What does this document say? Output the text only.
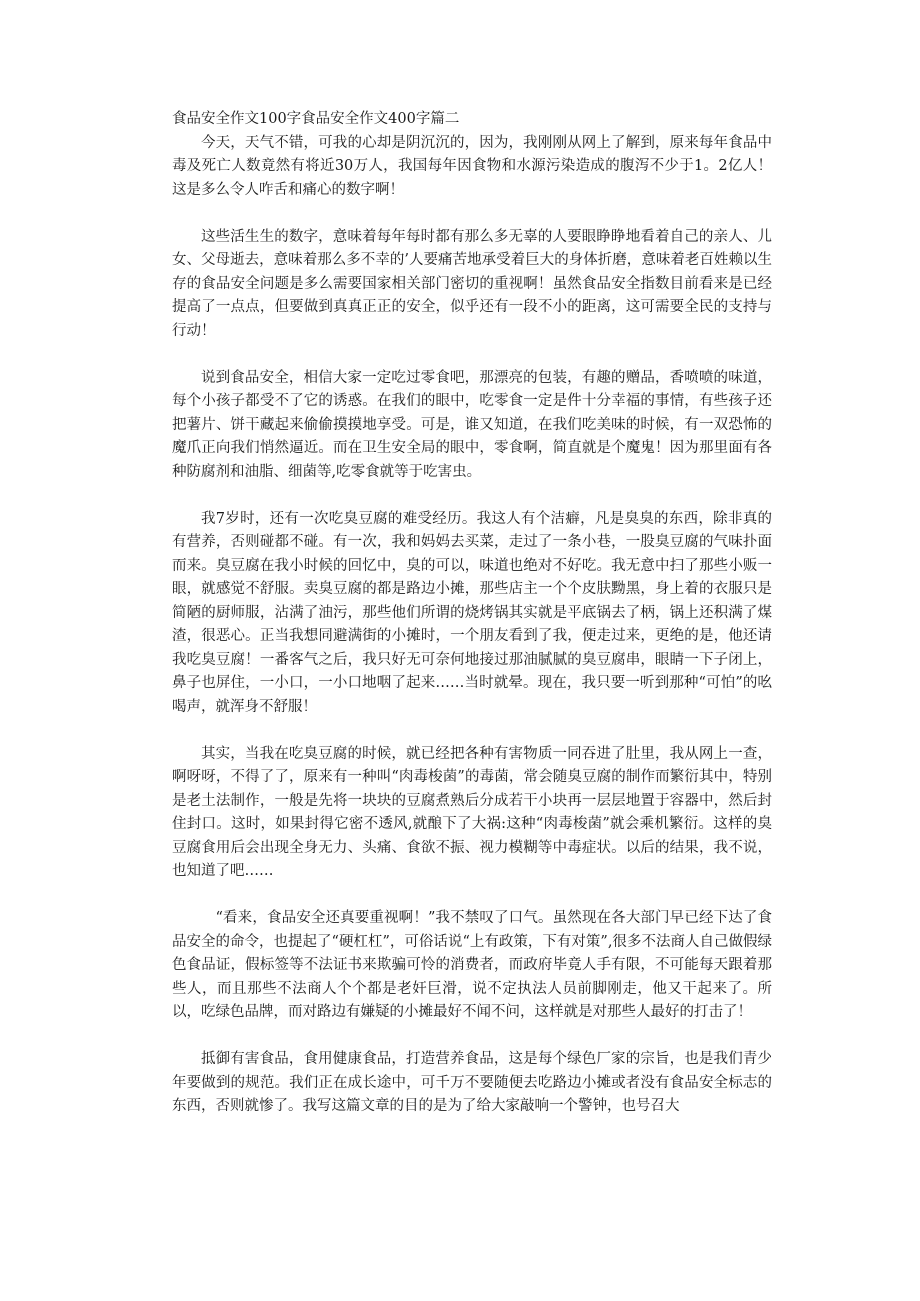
食品安全作文100字食品安全作文400字篇二

今天，天气不错，可我的心却是阴沉沉的，因为，我刚刚从网上了解到，原来每年食品中毒及死亡人数竟然有将近30万人，我国每年因食物和水源污染造成的腹泻不少于1。2亿人！这是多么令人咋舌和痛心的数字啊！

这些活生生的数字，意味着每年每时都有那么多无辜的人要眼睁睁地看着自己的亲人、儿女、父母逝去，意味着那么多不幸的’人要痛苦地承受着巨大的身体折磨，意味着老百姓赖以生存的食品安全问题是多么需要国家相关部门密切的重视啊！虽然食品安全指数目前看来是已经提高了一点点，但要做到真真正正的安全，似乎还有一段不小的距离，这可需要全民的支持与行动！

说到食品安全，相信大家一定吃过零食吧，那漂亮的包装，有趣的赠品，香喷喷的味道，每个小孩子都受不了它的诱惑。在我们的眼中，吃零食一定是件十分幸福的事情，有些孩子还把薯片、饼干藏起来偷偷摸摸地享受。可是，谁又知道，在我们吃美味的时候，有一双恐怖的魔爪正向我们悄然逼近。而在卫生安全局的眼中，零食啊，简直就是个魔鬼！因为那里面有各种防腐剂和油脂、细菌等,吃零食就等于吃害虫。

我7岁时，还有一次吃臭豆腐的难受经历。我这人有个洁癖，凡是臭臭的东西，除非真的有营养，否则碰都不碰。有一次，我和妈妈去买菜，走过了一条小巷，一股臭豆腐的气味扑面而来。臭豆腐在我小时候的回忆中，臭的可以，味道也绝对不好吃。我无意中扫了那些小贩一眼，就感觉不舒服。卖臭豆腐的都是路边小摊，那些店主一个个皮肤黝黑，身上着的衣服只是简陋的厨师服，沾满了油污，那些他们所谓的烧烤锅其实就是平底锅去了柄，锅上还积满了煤渣，很恶心。正当我想同避满街的小摊时，一个朋友看到了我，便走过来，更绝的是，他还请我吃臭豆腐！一番客气之后，我只好无可奈何地接过那油腻腻的臭豆腐串，眼睛一下子闭上，鼻子也屏住，一小口，一小口地咽了起来……当时就晕。现在，我只要一听到那种“可怕”的吆喝声，就浑身不舒服！

其实，当我在吃臭豆腐的时候，就已经把各种有害物质一同吞进了肚里，我从网上一查，啊呀呀，不得了了，原来有一种叫“肉毒梭菌”的毒菌，常会随臭豆腐的制作而繁衍其中，特别是老土法制作，一般是先将一块块的豆腐煮熟后分成若干小块再一层层地置于容器中，然后封住封口。这时，如果封得它密不透风,就酿下了大祸:这种“肉毒梭菌”就会乘机繁衍。这样的臭豆腐食用后会出现全身无力、头痛、食欲不振、视力模糊等中毒症状。以后的结果，我不说，也知道了吧……

“看来，食品安全还真要重视啊！”我不禁叹了口气。虽然现在各大部门早已经下达了食品安全的命令，也提起了“硬杠杠”，可俗话说“上有政策，下有对策”,很多不法商人自己做假绿色食品证，假标签等不法证书来欺骗可怜的消费者，而政府毕竟人手有限，不可能每天跟着那些人，而且那些不法商人个个都是老奸巨滑，说不定执法人员前脚刚走，他又干起来了。所以，吃绿色品牌，而对路边有嫌疑的小摊最好不闻不问，这样就是对那些人最好的打击了！

抵御有害食品，食用健康食品，打造营养食品，这是每个绿色厂家的宗旨，也是我们青少年要做到的规范。我们正在成长途中，可千万不要随便去吃路边小摊或者没有食品安全标志的东西，否则就惨了。我写这篇文章的目的是为了给大家敲响一个警钟，也号召大
